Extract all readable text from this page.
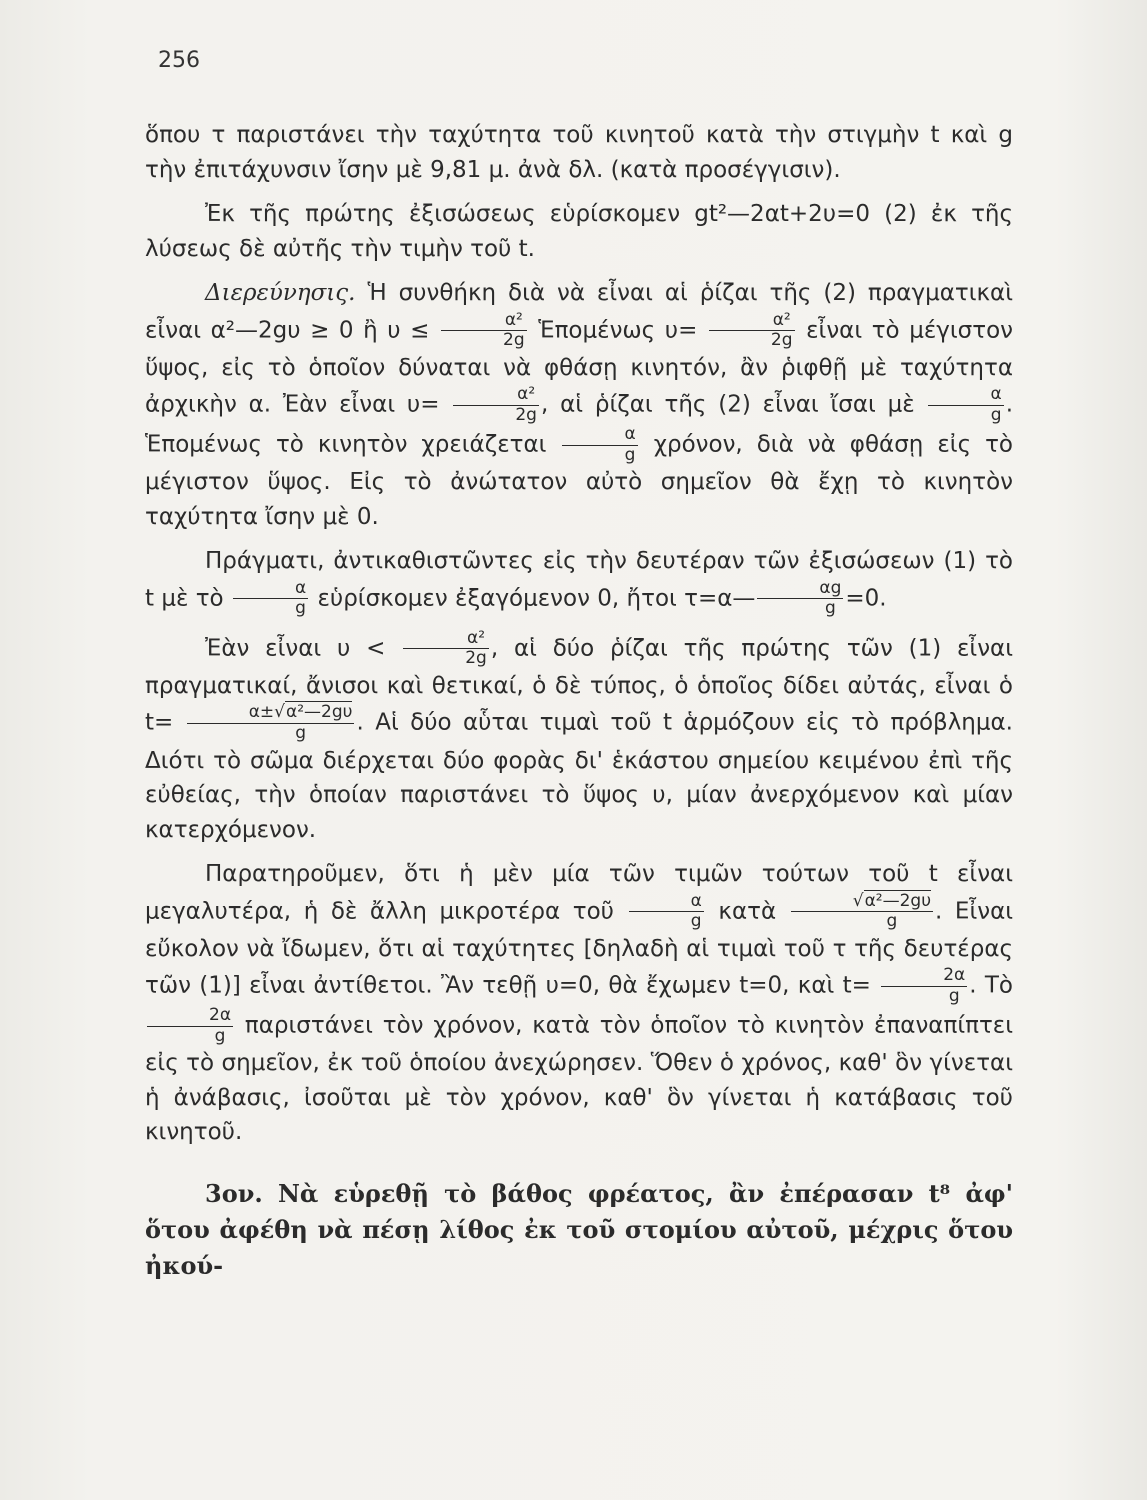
256

ὅπου τ παριστάνει τὴν ταχύτητα τοῦ κινητοῦ κατὰ τὴν στιγμὴν t καὶ g τὴν ἐπιτάχυνσιν ἴσην μὲ 9,81 μ. ἀνὰ δλ. (κατὰ προσέγγισιν).

Ἐκ τῆς πρώτης ἐξισώσεως εὑρίσκομεν gt²—2αt+2υ=0 (2) ἐκ τῆς λύσεως δὲ αὐτῆς τὴν τιμὴν τοῦ t.

Διερεύνησις. Ἡ συνθήκη διὰ νὰ εἶναι αἱ ῥίζαι τῆς (2) πραγματικαὶ εἶναι α²—2gυ ≥ 0 ἢ $\upsilon \le \frac{\text{α²}}{2g}$ Ἑπομένως $\upsilon= \frac{\text{α²}}{2g}$ εἶναι τὸ μέγιστον ὕψος, εἰς τὸ ὁποῖον δύναται νὰ φθάσῃ κινητόν, ἂν ῥιφθῇ μὲ ταχύτητα ἀρχικὴν α. Ἐὰν εἶναι $\upsilon= \frac{\text{α²}}{2g}$ , αἱ ῥίζαι τῆς (2) εἶναι ἴσαι μὲ $\frac{\alpha}{g}$ . Ἑπομένως τὸ κινητὸν χρειάζεται $\frac{\alpha}{g} \chi\rho ό\nu o\nu$, διὰ νὰ φθάσῃ εἰς τὸ μέγιστον ὕψος. Εἰς τὸ ἀνώτατον αὐτὸ σημεῖον θὰ ἔχῃ τὸ κινητὸν ταχύτητα ἴσην μὲ 0.

Πράγματι, ἀντικαθιστῶντες εἰς τὴν δευτέραν τῶν ἐξισώσεων (1) τὸ t μὲ τὸ $\frac{\alpha}{g}$ εὑρίσκομεν ἐξαγόμενον 0, ἤτοι τ=α— $\frac{\alpha g}{g} =0$.

Ἐὰν εἶναι $\upsilon < \frac{\text{α²}}{2g}$ , αἱ δύο ῥίζαι τῆς πρώτης τῶν (1) εἶναι πραγματικαί, ἄνισοι καὶ θετικαί, ὁ δὲ τύπος, ὁ ὁποῖος δίδει αὐτάς, εἶναι ὁ $t= \frac{\text{α±√α²—2gυ}}{g}$ . Αἱ δύο αὗται τιμαὶ τοῦ t ἁρμόζουν εἰς τὸ πρόβλημα. Διότι τὸ σῶμα διέρχεται δύο φορὰς δι' ἑκάστου σημείου κειμένου ἐπὶ τῆς εὐθείας, τὴν ὁποίαν παριστάνει τὸ ὕψος υ, μίαν ἀνερχόμενον καὶ μίαν κατερχόμενον.

Παρατηροῦμεν, ὅτι ἡ μὲν μία τῶν τιμῶν τούτων τοῦ t εἶναι μεγαλυτέρα, ἡ δὲ ἄλλη μικροτέρα τοῦ $\frac{\alpha}{g}$ κατὰ $\frac{\text{√α²—2gυ}}{g}$ . Εἶναι εὔκολον νὰ ἴδωμεν, ὅτι αἱ ταχύτητες [δηλαδὴ αἱ τιμαὶ τοῦ τ τῆς δευτέρας τῶν (1)] εἶναι ἀντίθετοι. Ἂν τεθῇ υ=0, θὰ ἔχωμεν t=0, καὶ $t= \frac{2\alpha}{g}$ . Τὸ
$\frac{2\alpha}{g}$ παριστάνει τὸν χρόνον, κατὰ τὸν ὁποῖον τὸ κινητὸν ἐπαναπίπτει εἰς τὸ σημεῖον, ἐκ τοῦ ὁποίου ἀνεχώρησεν. Ὅθεν ὁ χρόνος, καθ' ὃν γίνεται ἡ ἀνάβασις, ἰσοῦται μὲ τὸν χρόνον, καθ' ὃν γίνεται ἡ κατάβασις τοῦ κινητοῦ.

3ον. Νὰ εὑρεθῇ τὸ βάθος φρέατος, ἂν ἐπέρασαν t⁸ ἀφ' ὅτου ἀφέθη νὰ πέσῃ λίθος ἐκ τοῦ στομίου αὐτοῦ, μέχρις ὅτου ἠκού-
